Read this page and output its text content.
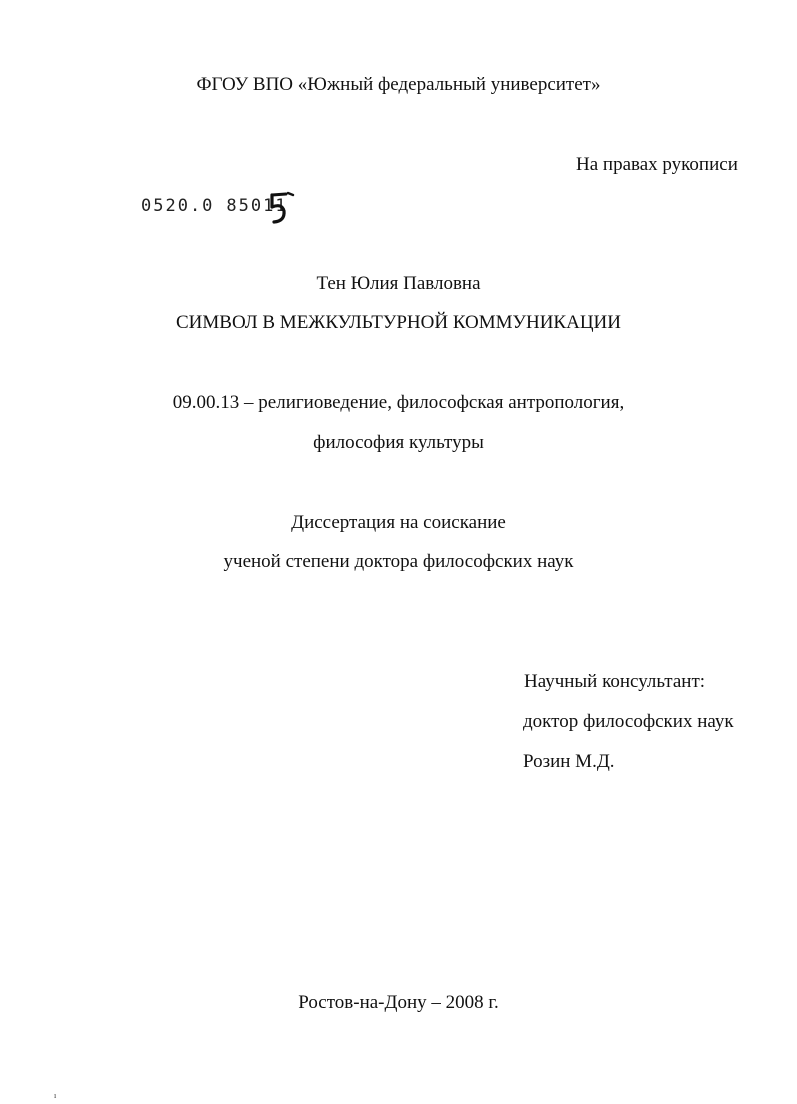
ФГОУ ВПО «Южный федеральный университет»
На правах рукописи
0520.0 85011
Тен Юлия Павловна
СИМВОЛ В МЕЖКУЛЬТУРНОЙ КОММУНИКАЦИИ
09.00.13 – религиоведение, философская антропология,
философия культуры
Диссертация на соискание
ученой степени доктора философских наук
Научный консультант:
доктор философских наук
Розин М.Д.
Ростов-на-Дону – 2008 г.
ı
